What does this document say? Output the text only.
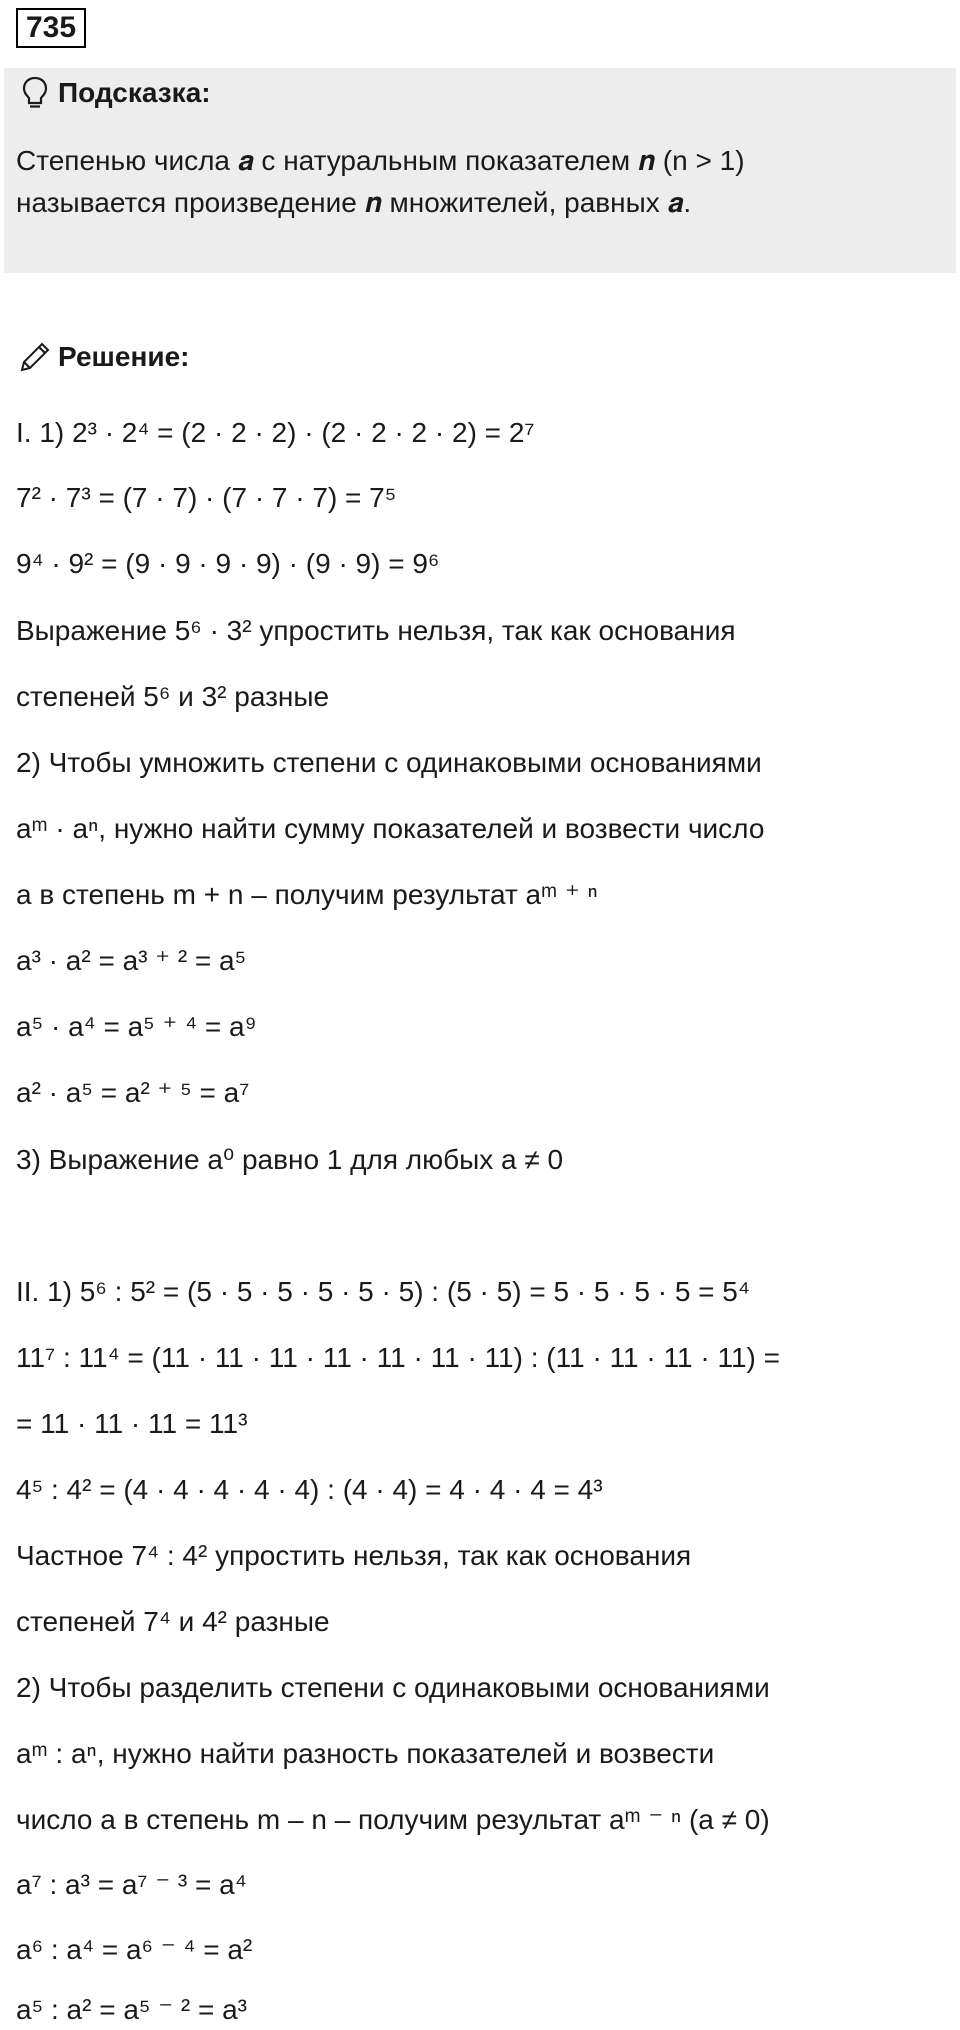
735
Подсказка:

Степенью числа 𝒂 с натуральным показателем 𝒏 (n > 1)

называется произведение 𝒏 множителей, равных 𝒂.

Решение:
I. 1) 2³ · 2⁴ = (2 · 2 · 2) · (2 · 2 · 2 · 2) = 2⁷
7² · 7³ = (7 · 7) · (7 · 7 · 7) = 7⁵
9⁴ · 9² = (9 · 9 · 9 · 9) · (9 · 9) = 9⁶
Выражение 5⁶ · 3² упростить нельзя, так как основания
степеней 5⁶ и 3² разные
2) Чтобы умножить степени с одинаковыми основаниями
aᵐ · aⁿ, нужно найти сумму показателей и возвести число
a в степень m + n – получим результат aᵐ ⁺ ⁿ
a³ · a² = a³ ⁺ ² = a⁵
a⁵ · a⁴ = a⁵ ⁺ ⁴ = a⁹
a² · a⁵ = a² ⁺ ⁵ = a⁷
3) Выражение a⁰ равно 1 для любых a ≠ 0
II. 1) 5⁶ : 5² = (5 · 5 · 5 · 5 · 5 · 5) : (5 · 5) = 5 · 5 · 5 · 5 = 5⁴
11⁷ : 11⁴ = (11 · 11 · 11 · 11 · 11 · 11 · 11) : (11 · 11 · 11 · 11) =
= 11 · 11 · 11 = 11³
4⁵ : 4² = (4 · 4 · 4 · 4 · 4) : (4 · 4) = 4 · 4 · 4 = 4³
Частное 7⁴ : 4² упростить нельзя, так как основания
степеней 7⁴ и 4² разные
2) Чтобы разделить степени с одинаковыми основаниями
aᵐ : aⁿ, нужно найти разность показателей и возвести
число a в степень m – n – получим результат aᵐ ⁻ ⁿ (a ≠ 0)
a⁷ : a³ = a⁷ ⁻ ³ = a⁴
a⁶ : a⁴ = a⁶ ⁻ ⁴ = a²
a⁵ : a² = a⁵ ⁻ ² = a³
